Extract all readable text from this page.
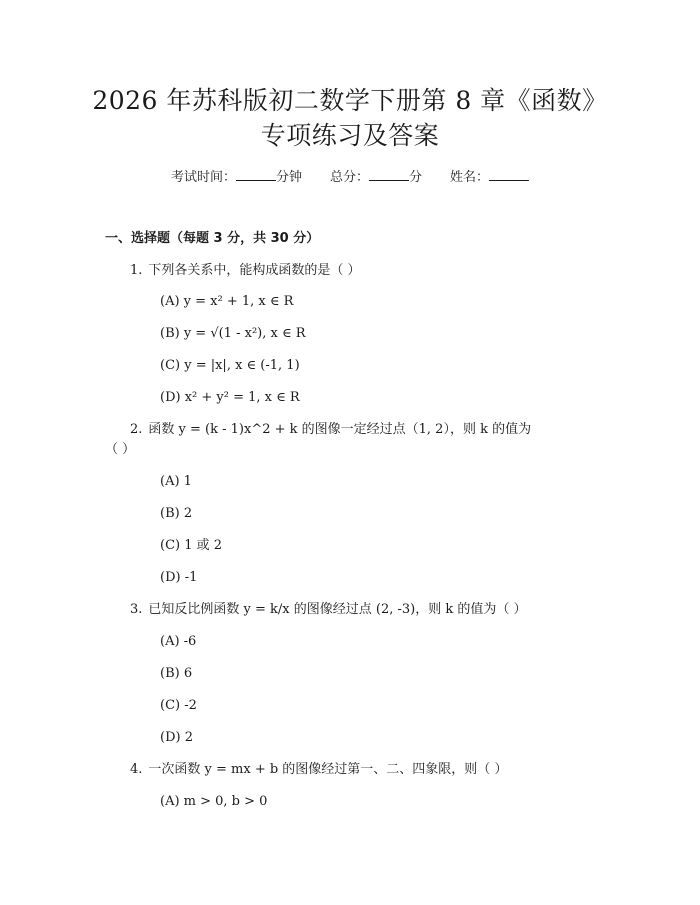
2026 年苏科版初二数学下册第 8 章《函数》
专项练习及答案
考试时间：	分钟 总分：	分 姓名：
一、选择题（每题 3 分，共 30 分）
1. 下列各关系中，能构成函数的是（ ）
(A) y = x² + 1, x ∈ R
(B) y = √(1 - x²), x ∈ R
(C) y = |x|, x ∈ (-1, 1)
(D) x² + y² = 1, x ∈ R
2. 函数 y = (k - 1)x^2 + k 的图像一定经过点（1, 2），则 k 的值为
（ ）
(A) 1
(B) 2
(C) 1 或 2
(D) -1
3. 已知反比例函数 y = k/x 的图像经过点 (2, -3)，则 k 的值为（ ）
(A) -6
(B) 6
(C) -2
(D) 2
4. 一次函数 y = mx + b 的图像经过第一、二、四象限，则（ ）
(A) m > 0, b > 0
